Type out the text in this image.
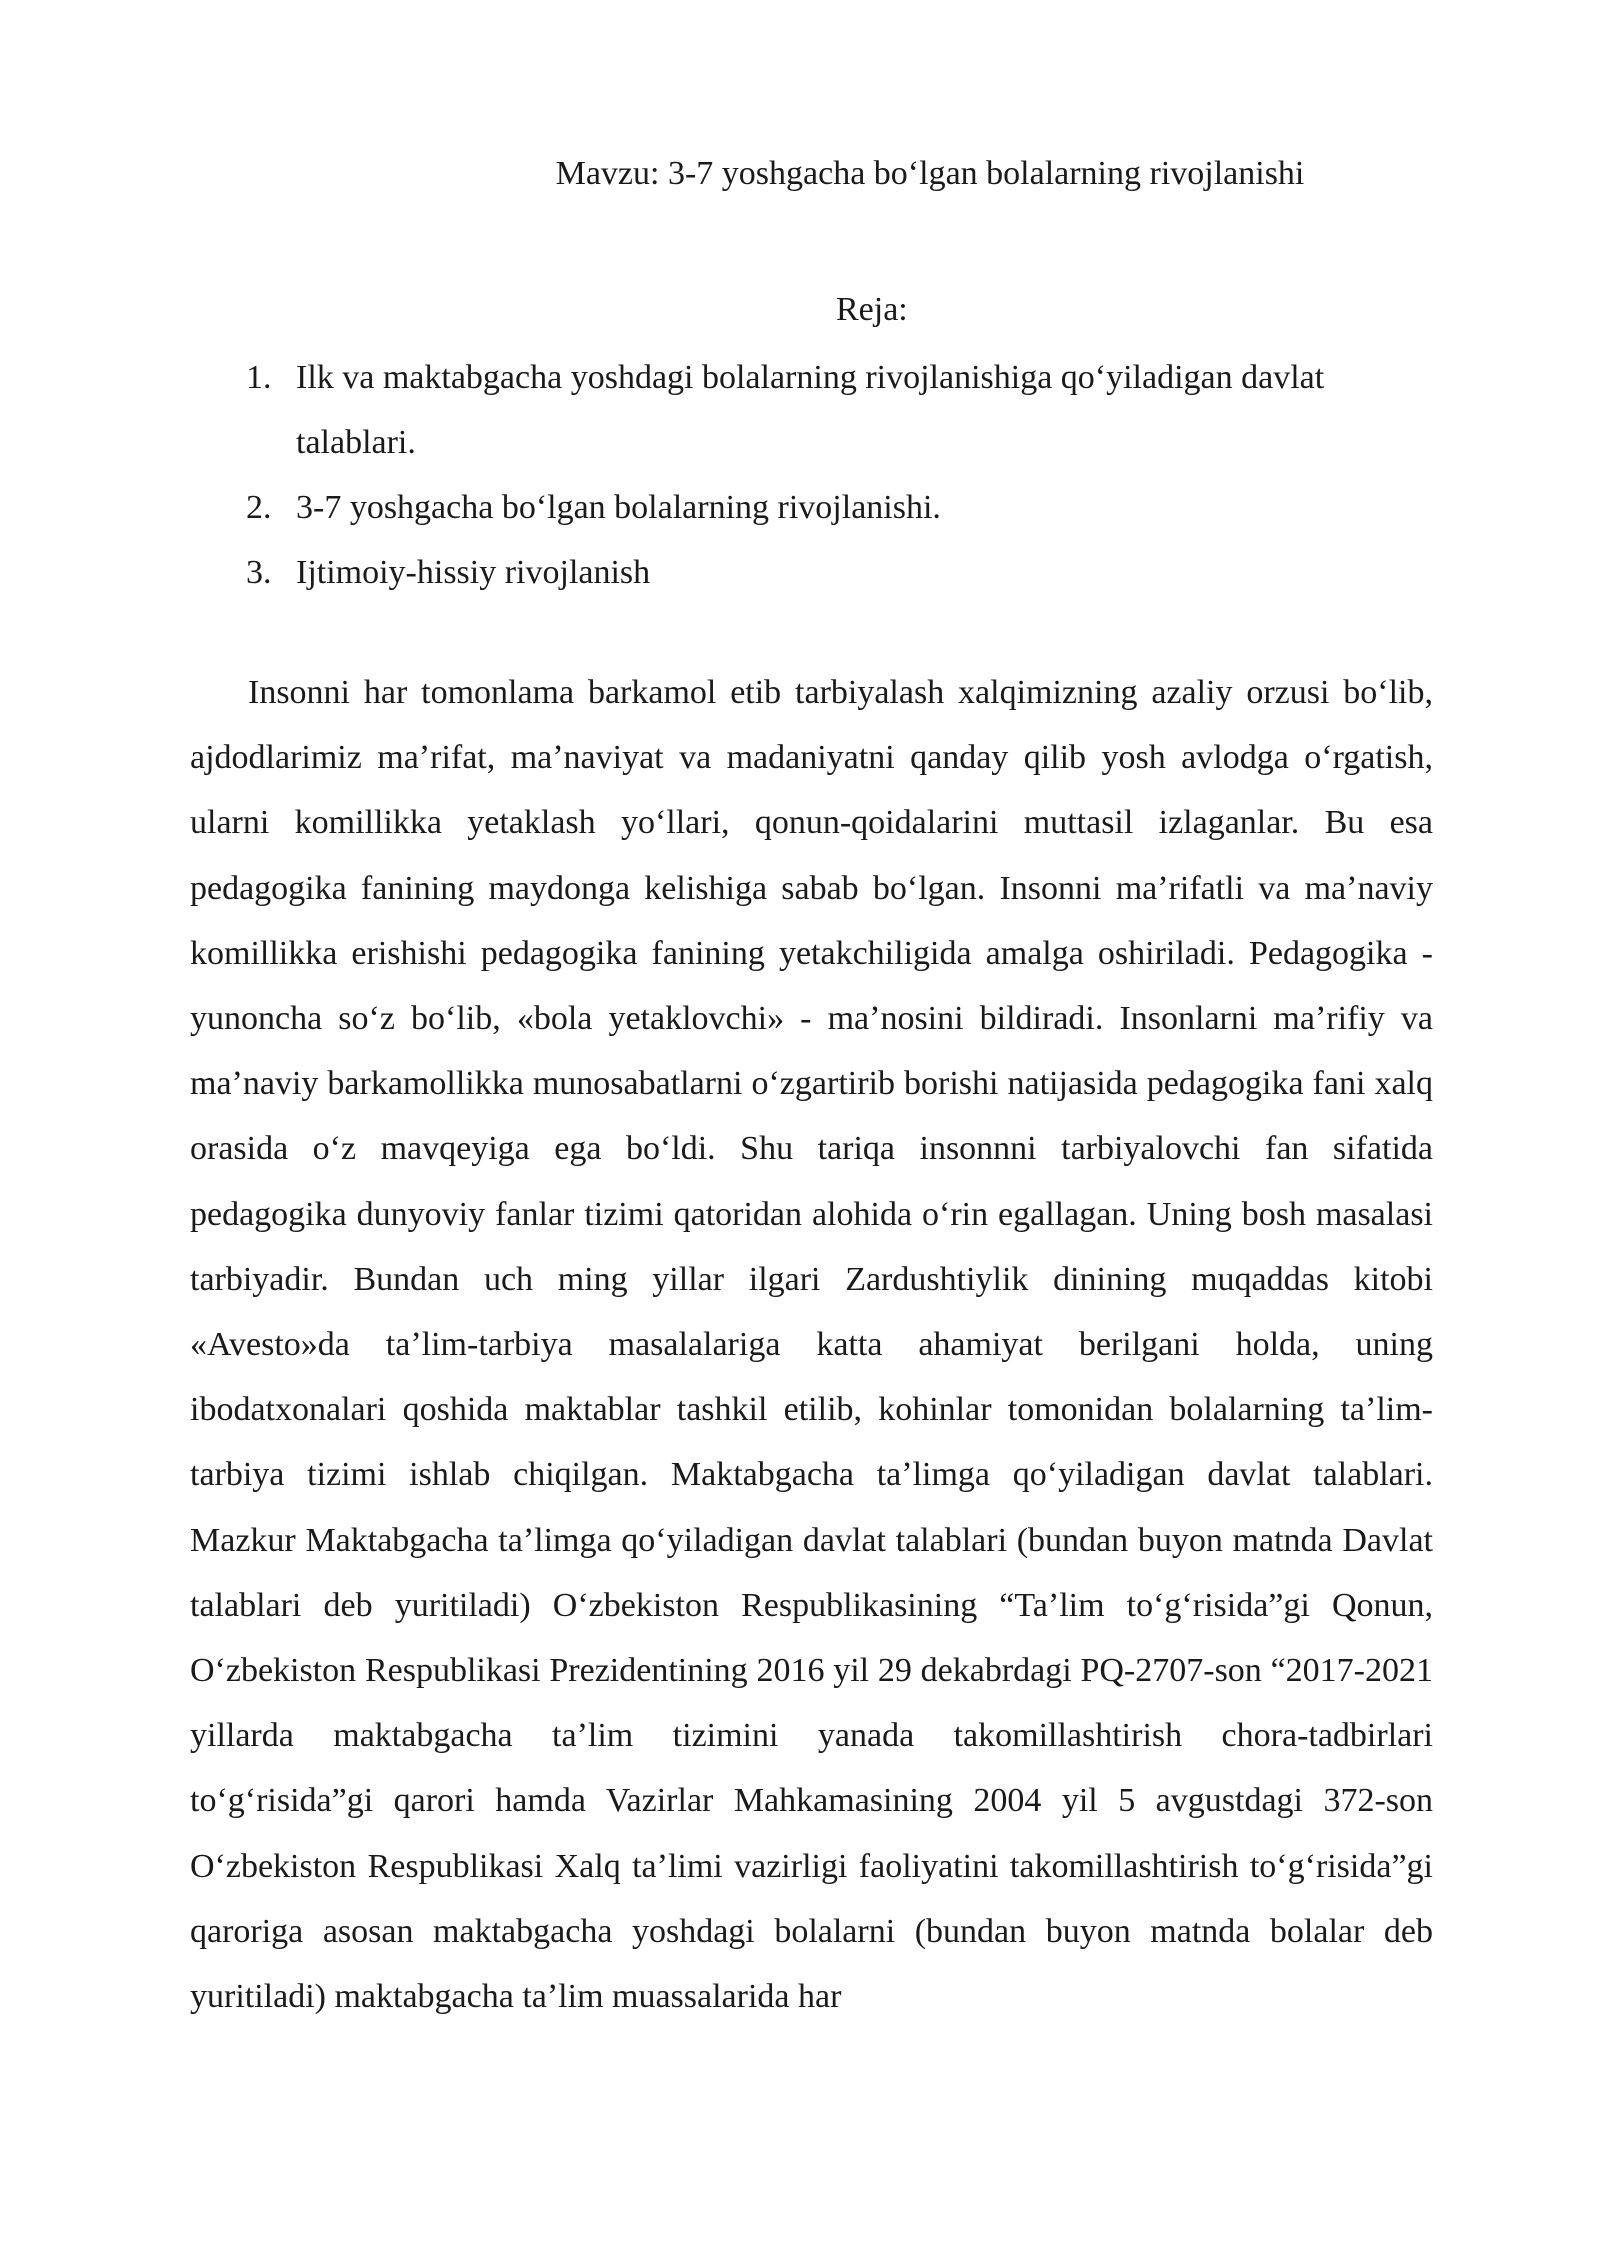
Mavzu: 3-7 yoshgacha boʻlgan bolalarning rivojlanishi
Reja:
1. Ilk va maktabgacha yoshdagi bolalarning rivojlanishiga qoʻyiladigan davlat talablari.
2. 3-7 yoshgacha boʻlgan bolalarning rivojlanishi.
3. Ijtimoiy-hissiy rivojlanish

Insonni har tomonlama barkamol etib tarbiyalash xalqimizning azaliy orzusi boʻlib, ajdodlarimiz maʼrifat, maʼnaviyat va madaniyatni qanday qilib yosh avlodga oʻrgatish, ularni komillikka yetaklash yoʻllari, qonun-qoidalarini muttasil izlaganlar. Bu esa pedagogika fanining maydonga kelishiga sabab boʻlgan. Insonni maʼrifatli va maʼnaviy komillikka erishishi pedagogika fanining yetakchiligida amalga oshiriladi. Pedagogika - yunoncha soʻz boʻlib, «bola yetaklovchi» - maʼnosini bildiradi. Insonlarni maʼrifiy va maʼnaviy barkamollikka munosabatlarni oʻzgartirib borishi natijasida pedagogika fani xalq orasida oʻz mavqeyiga ega boʻldi. Shu tariqa insonnni tarbiyalovchi fan sifatida pedagogika dunyoviy fanlar tizimi qatoridan alohida oʻrin egallagan. Uning bosh masalasi tarbiyadir. Bundan uch ming yillar ilgari Zardushtiylik dinining muqaddas kitobi «Avesto»da taʼlim-tarbiya masalalariga katta ahamiyat berilgani holda, uning ibodatxonalari qoshida maktablar tashkil etilib, kohinlar tomonidan bolalarning taʼlim-tarbiya tizimi ishlab chiqilgan. Maktabgacha taʼlimga qoʻyiladigan davlat talablari. Mazkur Maktabgacha taʼlimga qoʻyiladigan davlat talablari (bundan buyon matnda Davlat talablari deb yuritiladi) Oʻzbekiston Respublikasining “Taʼlim toʻgʻrisida”gi Qonun, Oʻzbekiston Respublikasi Prezidentining 2016 yil 29 dekabrdagi PQ-2707-son “2017-2021 yillarda maktabgacha taʼlim tizimini yanada takomillashtirish chora-tadbirlari toʻgʻrisida”gi qarori hamda Vazirlar Mahkamasining 2004 yil 5 avgustdagi 372-son Oʻzbekiston Respublikasi Xalq taʼlimi vazirligi faoliyatini takomillashtirish toʻgʻrisida”gi qaroriga asosan maktabgacha yoshdagi bolalarni (bundan buyon matnda bolalar deb yuritiladi) maktabgacha taʼlim muassalarida har
